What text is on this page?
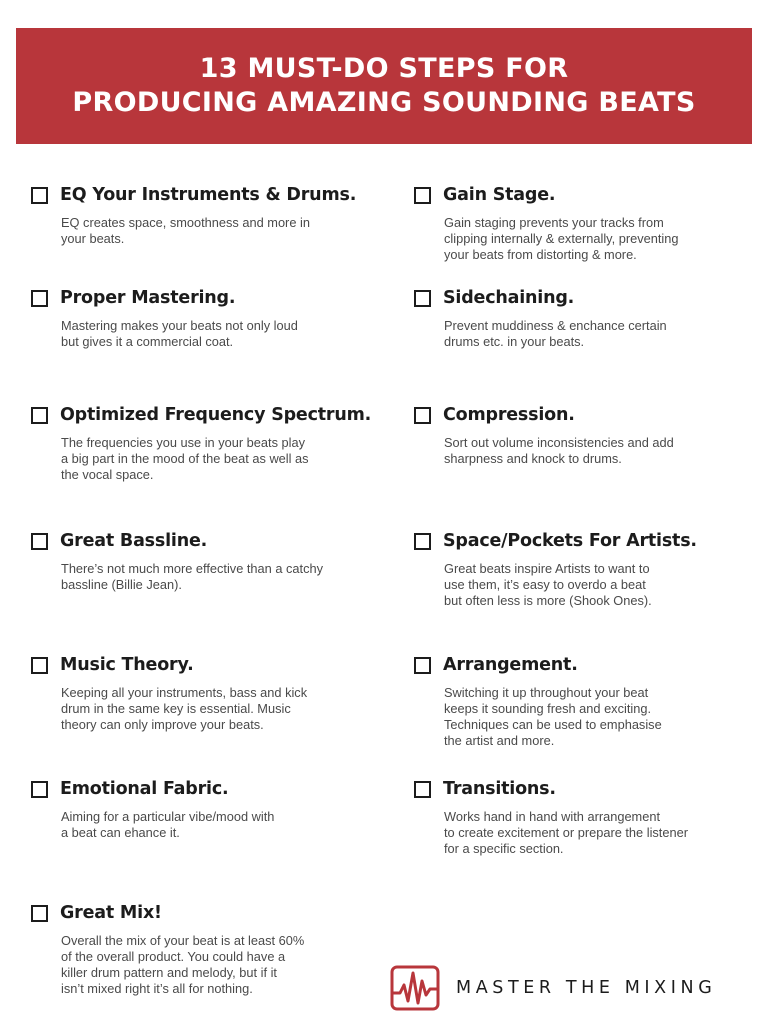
13 MUST-DO STEPS FOR
PRODUCING AMAZING SOUNDING BEATS
EQ Your Instruments & Drums.
EQ creates space, smoothness and more in
your beats.
Gain Stage.
Gain staging prevents your tracks from
clipping internally & externally, preventing
your beats from distorting & more.
Proper Mastering.
Mastering makes your beats not only loud
but gives it a commercial coat.
Sidechaining.
Prevent muddiness & enchance certain
drums etc. in your beats.
Optimized Frequency Spectrum.
The frequencies you use in your beats play
a big part in the mood of the beat as well as
the vocal space.
Compression.
Sort out volume inconsistencies and add
sharpness and knock to drums.
Great Bassline.
There’s not much more effective than a catchy
bassline (Billie Jean).
Space/Pockets For Artists.
Great beats inspire Artists to want to
use them, it’s easy to overdo a beat
but often less is more (Shook Ones).
Music Theory.
Keeping all your instruments, bass and kick
drum in the same key is essential. Music
theory can only improve your beats.
Arrangement.
Switching it up throughout your beat
keeps it sounding fresh and exciting.
Techniques can be used to emphasise
the artist and more.
Emotional Fabric.
Aiming for a particular vibe/mood with
a beat can ehance it.
Transitions.
Works hand in hand with arrangement
to create excitement or prepare the listener
for a specific section.
Great Mix!
Overall the mix of your beat is at least 60%
of the overall product. You could have a
killer drum pattern and melody, but if it
isn’t mixed right it’s all for nothing.	MASTER THE MIXING
